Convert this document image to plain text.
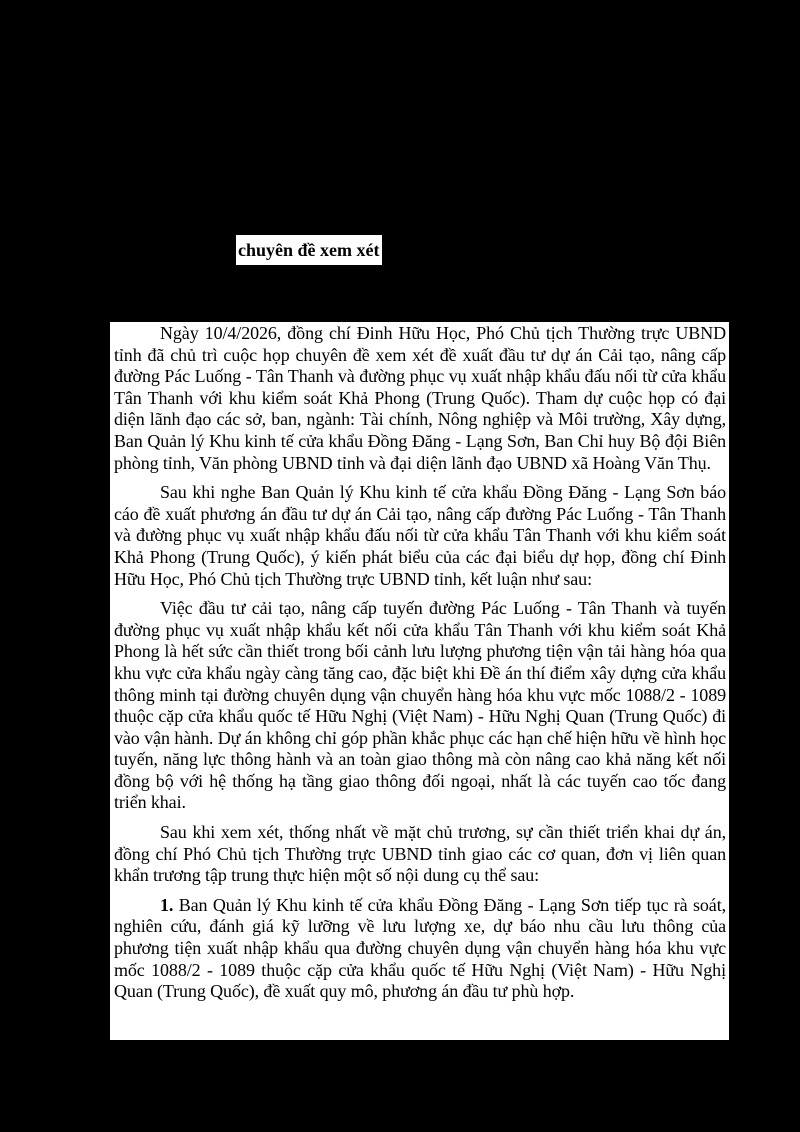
chuyên đề xem xét

Ngày 10/4/2026, đồng chí Đinh Hữu Học, Phó Chủ tịch Thường trực UBND tỉnh đã chủ trì cuộc họp chuyên đề xem xét đề xuất đầu tư dự án Cải tạo, nâng cấp đường Pác Luống - Tân Thanh và đường phục vụ xuất nhập khẩu đấu nối từ cửa khẩu Tân Thanh với khu kiểm soát Khả Phong (Trung Quốc). Tham dự cuộc họp có đại diện lãnh đạo các sở, ban, ngành: Tài chính, Nông nghiệp và Môi trường, Xây dựng, Ban Quản lý Khu kinh tế cửa khẩu Đồng Đăng - Lạng Sơn, Ban Chỉ huy Bộ đội Biên phòng tỉnh, Văn phòng UBND tỉnh và đại diện lãnh đạo UBND xã Hoàng Văn Thụ.

Sau khi nghe Ban Quản lý Khu kinh tế cửa khẩu Đồng Đăng - Lạng Sơn báo cáo đề xuất phương án đầu tư dự án Cải tạo, nâng cấp đường Pác Luống - Tân Thanh và đường phục vụ xuất nhập khẩu đấu nối từ cửa khẩu Tân Thanh với khu kiểm soát Khả Phong (Trung Quốc), ý kiến phát biểu của các đại biểu dự họp, đồng chí Đinh Hữu Học, Phó Chủ tịch Thường trực UBND tỉnh, kết luận như sau:

Việc đầu tư cải tạo, nâng cấp tuyến đường Pác Luống - Tân Thanh và tuyến đường phục vụ xuất nhập khẩu kết nối cửa khẩu Tân Thanh với khu kiểm soát Khả Phong là hết sức cần thiết trong bối cảnh lưu lượng phương tiện vận tải hàng hóa qua khu vực cửa khẩu ngày càng tăng cao, đặc biệt khi Đề án thí điểm xây dựng cửa khẩu thông minh tại đường chuyên dụng vận chuyển hàng hóa khu vực mốc 1088/2 - 1089 thuộc cặp cửa khẩu quốc tế Hữu Nghị (Việt Nam) - Hữu Nghị Quan (Trung Quốc) đi vào vận hành. Dự án không chỉ góp phần khắc phục các hạn chế hiện hữu về hình học tuyến, năng lực thông hành và an toàn giao thông mà còn nâng cao khả năng kết nối đồng bộ với hệ thống hạ tầng giao thông đối ngoại, nhất là các tuyến cao tốc đang triển khai.

Sau khi xem xét, thống nhất về mặt chủ trương, sự cần thiết triển khai dự án, đồng chí Phó Chủ tịch Thường trực UBND tỉnh giao các cơ quan, đơn vị liên quan khẩn trương tập trung thực hiện một số nội dung cụ thể sau:

1. Ban Quản lý Khu kinh tế cửa khẩu Đồng Đăng - Lạng Sơn tiếp tục rà soát, nghiên cứu, đánh giá kỹ lưỡng về lưu lượng xe, dự báo nhu cầu lưu thông của phương tiện xuất nhập khẩu qua đường chuyên dụng vận chuyển hàng hóa khu vực mốc 1088/2 - 1089 thuộc cặp cửa khẩu quốc tế Hữu Nghị (Việt Nam) - Hữu Nghị Quan (Trung Quốc), đề xuất quy mô, phương án đầu tư phù hợp.
